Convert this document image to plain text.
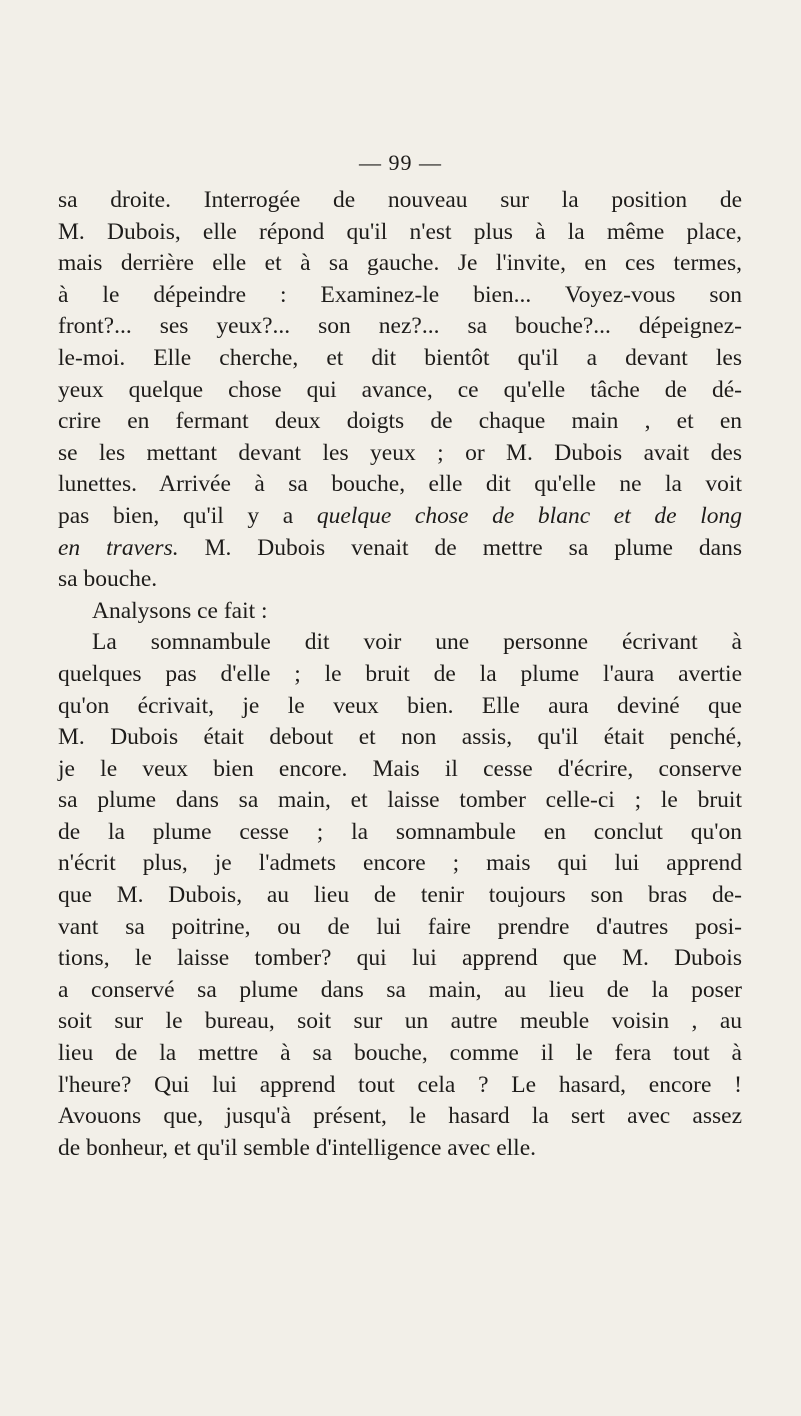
— 99 —
sa droite. Interrogée de nouveau sur la position de
M. Dubois, elle répond qu'il n'est plus à la même place,
mais derrière elle et à sa gauche. Je l'invite, en ces termes,
à le dépeindre : Examinez-le bien... Voyez-vous son
front?... ses yeux?... son nez?... sa bouche?... dépeignez-
le-moi. Elle cherche, et dit bientôt qu'il a devant les
yeux quelque chose qui avance, ce qu'elle tâche de dé-
crire en fermant deux doigts de chaque main , et en
se les mettant devant les yeux ; or M. Dubois avait des
lunettes. Arrivée à sa bouche, elle dit qu'elle ne la voit
pas bien, qu'il y a quelque chose de blanc et de long
en travers. M. Dubois venait de mettre sa plume dans
sa bouche.
Analysons ce fait :
La somnambule dit voir une personne écrivant à
quelques pas d'elle ; le bruit de la plume l'aura avertie
qu'on écrivait, je le veux bien. Elle aura deviné que
M. Dubois était debout et non assis, qu'il était penché,
je le veux bien encore. Mais il cesse d'écrire, conserve
sa plume dans sa main, et laisse tomber celle-ci ; le bruit
de la plume cesse ; la somnambule en conclut qu'on
n'écrit plus, je l'admets encore ; mais qui lui apprend
que M. Dubois, au lieu de tenir toujours son bras de-
vant sa poitrine, ou de lui faire prendre d'autres posi-
tions, le laisse tomber? qui lui apprend que M. Dubois
a conservé sa plume dans sa main, au lieu de la poser
soit sur le bureau, soit sur un autre meuble voisin , au
lieu de la mettre à sa bouche, comme il le fera tout à
l'heure? Qui lui apprend tout cela ? Le hasard, encore !
Avouons que, jusqu'à présent, le hasard la sert avec assez
de bonheur, et qu'il semble d'intelligence avec elle.
